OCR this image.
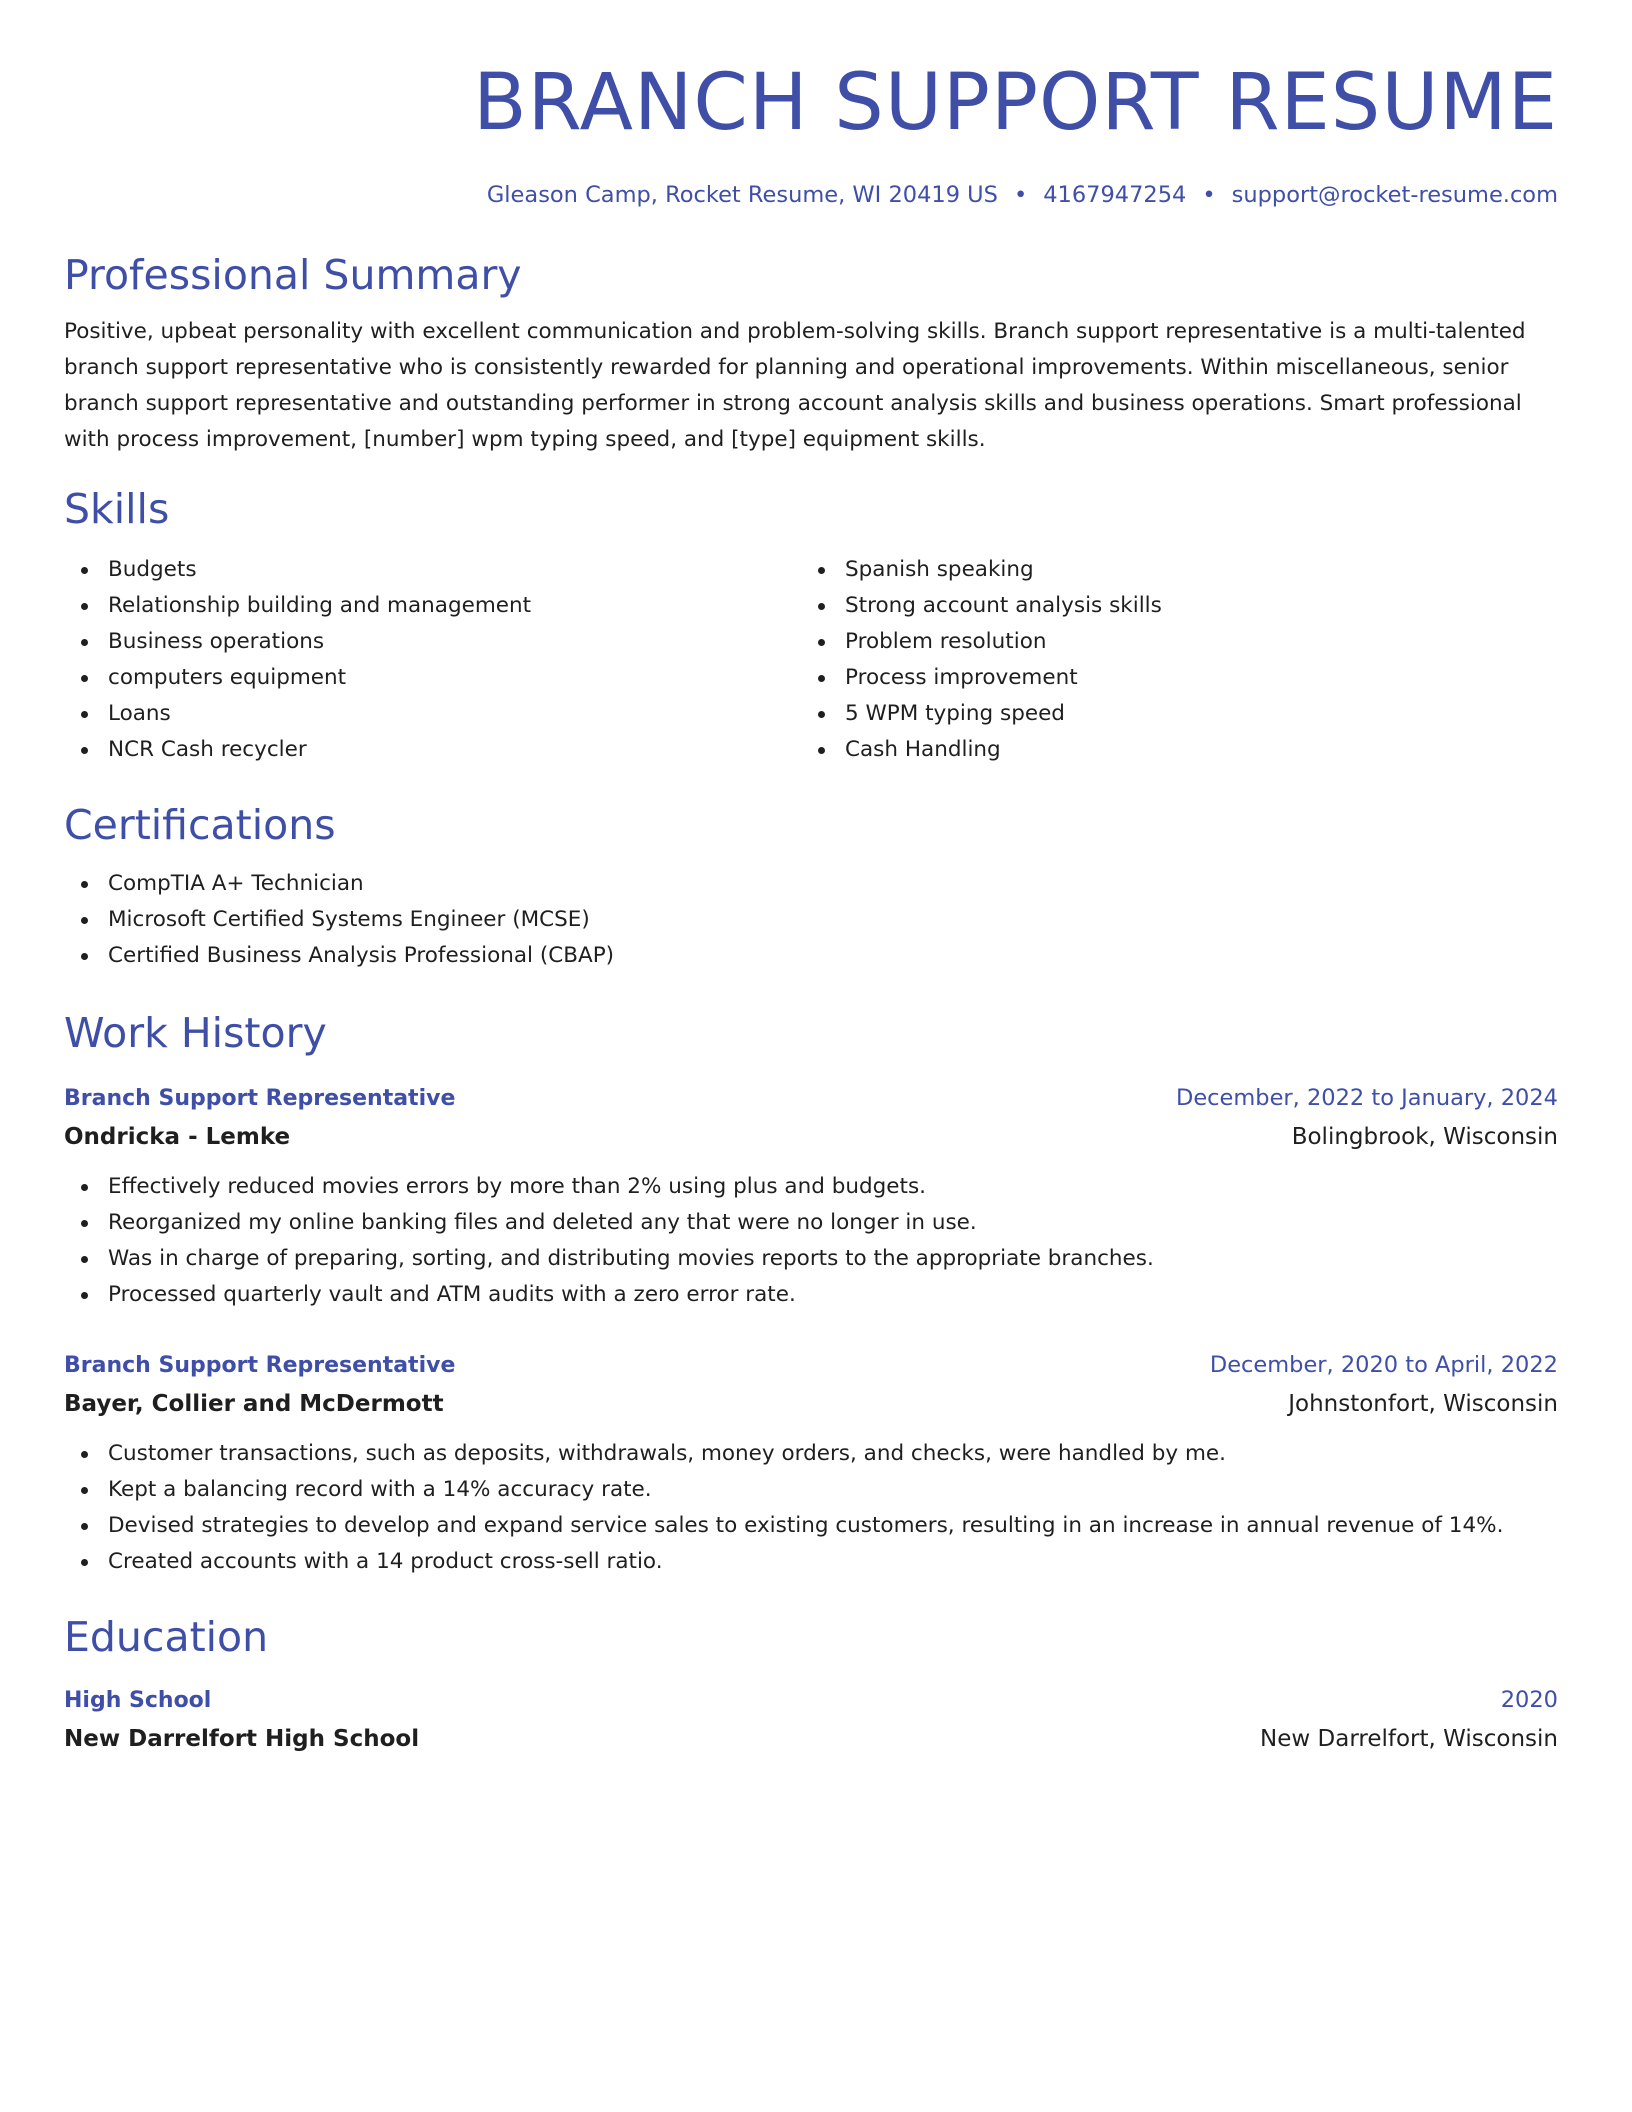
BRANCH SUPPORT RESUME
Gleason Camp, Rocket Resume, WI 20419 US • 4167947254 • support@rocket-resume.com
Professional Summary

Positive, upbeat personality with excellent communication and problem-solving skills. Branch support representative is a multi-talented branch support representative who is consistently rewarded for planning and operational improvements. Within miscellaneous, senior branch support representative and outstanding performer in strong account analysis skills and business operations. Smart professional with process improvement, [number] wpm typing speed, and [type] equipment skills.

Skills
Budgets
Relationship building and management
Business operations
computers equipment
Loans
NCR Cash recycler
Spanish speaking
Strong account analysis skills
Problem resolution
Process improvement
5 WPM typing speed
Cash Handling
Certifications
CompTIA A+ Technician
Microsoft Certified Systems Engineer (MCSE)
Certified Business Analysis Professional (CBAP)
Work History
Branch Support Representative	December, 2022 to January, 2024
Ondricka - Lemke	Bolingbrook, Wisconsin
Effectively reduced movies errors by more than 2% using plus and budgets.
Reorganized my online banking files and deleted any that were no longer in use.
Was in charge of preparing, sorting, and distributing movies reports to the appropriate branches.
Processed quarterly vault and ATM audits with a zero error rate.
Branch Support Representative	December, 2020 to April, 2022
Bayer, Collier and McDermott	Johnstonfort, Wisconsin
Customer transactions, such as deposits, withdrawals, money orders, and checks, were handled by me.
Kept a balancing record with a 14% accuracy rate.
Devised strategies to develop and expand service sales to existing customers, resulting in an increase in annual revenue of 14%.
Created accounts with a 14 product cross-sell ratio.
Education
High School	2020
New Darrelfort High School	New Darrelfort, Wisconsin
